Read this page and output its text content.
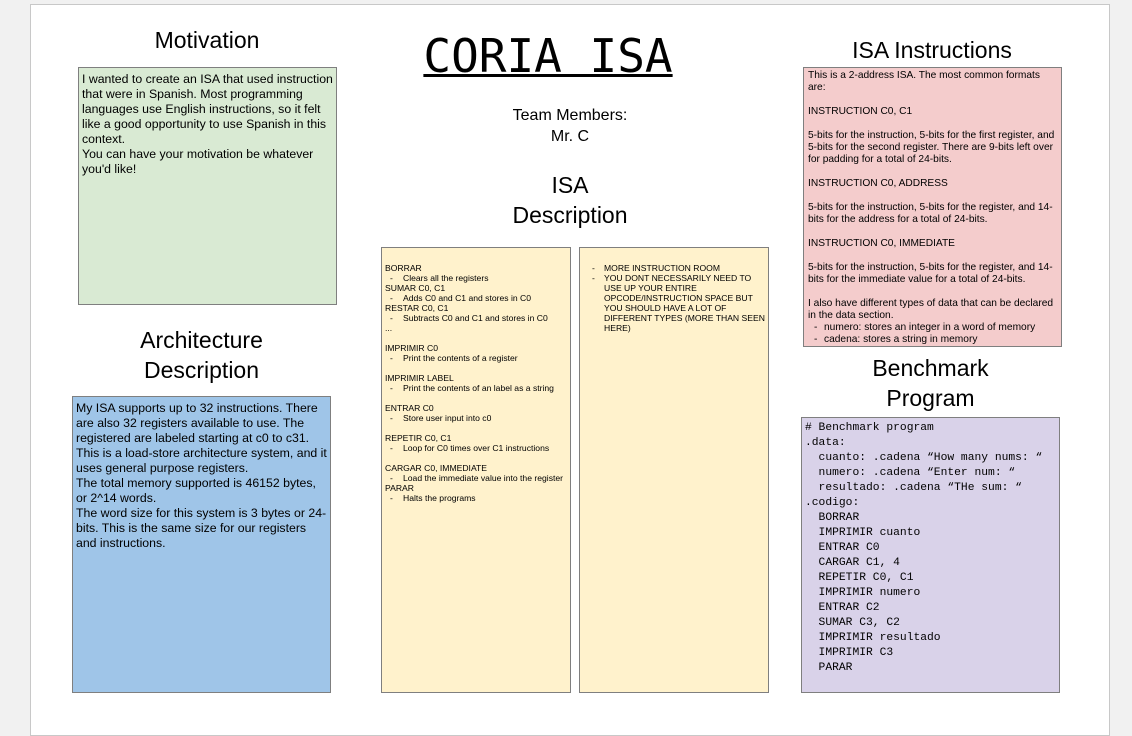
Motivation

I wanted to create an ISA that used instruction that were in Spanish. Most programming languages use English instructions, so it felt like a good opportunity to use Spanish in this context.

You can have your motivation be whatever you'd like!

Architecture
Description

My ISA supports up to 32 instructions. There are also 32 registers available to use. The registered are labeled starting at c0 to c31.

This is a load-store architecture system, and it uses general purpose registers.

The total memory supported is 46152 bytes, or 2^14 words.

The word size for this system is 3 bytes or 24-bits. This is the same size for our registers and instructions.

CORIA ISA
Team Members:
Mr. C
ISA
Description
BORRAR
- Clears all the registers
SUMAR C0, C1
- Adds C0 and C1 and stores in C0
RESTAR C0, C1
- Subtracts C0 and C1 and stores in C0
...
IMPRIMIR C0
- Print the contents of a register
IMPRIMIR LABEL
- Print the contents of an label as a string
ENTRAR C0
- Store user input into c0
REPETIR C0, C1
- Loop for C0 times over C1 instructions
CARGAR C0, IMMEDIATE
- Load the immediate value into the register
PARAR
- Halts the programs
- MORE INSTRUCTION ROOM
- YOU DONT NECESSARILY NEED TO USE UP YOUR ENTIRE OPCODE/INSTRUCTION SPACE BUT YOU SHOULD HAVE A LOT OF DIFFERENT TYPES (MORE THAN SEEN HERE)
ISA Instructions

This is a 2-address ISA. The most common formats are:

INSTRUCTION C0, C1

5-bits for the instruction, 5-bits for the first register, and 5-bits for the second register. There are 9-bits left over for padding for a total of 24-bits.

INSTRUCTION C0, ADDRESS

5-bits for the instruction, 5-bits for the register, and 14-bits for the address for a total of 24-bits.

INSTRUCTION C0, IMMEDIATE

5-bits for the instruction, 5-bits for the register, and 14-bits for the immediate value for a total of 24-bits.

I also have different types of data that can be declared in the data section.

- numero: stores an integer in a word of memory
- cadena: stores a string in memory
Benchmark
Program
# Benchmark program
.data:
cuanto: .cadena “How many nums: “
numero: .cadena “Enter num: “
resultado: .cadena “THe sum: “
.codigo:
BORRAR
IMPRIMIR cuanto
ENTRAR C0
CARGAR C1, 4
REPETIR C0, C1
IMPRIMIR numero
ENTRAR C2
SUMAR C3, C2
IMPRIMIR resultado
IMPRIMIR C3
PARAR
